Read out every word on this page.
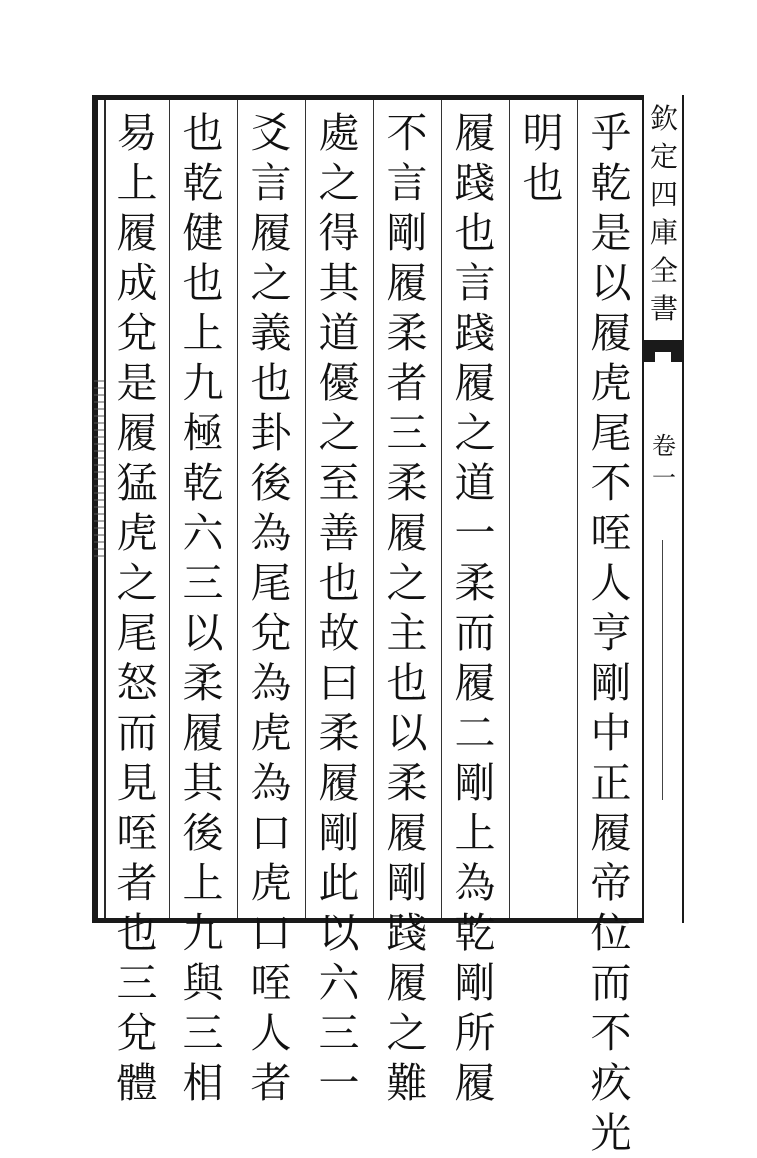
乎
乾
是
以
履
虎
尾
不
咥
人
亨
剛
中
正
履
帝
位
而
不
疚
光
明
也
履
踐
也
言
踐
履
之
道
一
柔
而
履
二
剛
上
為
乾
剛
所
履
不
言
剛
履
柔
者
三
柔
履
之
主
也
以
柔
履
剛
踐
履
之
難
處
之
得
其
道
優
之
至
善
也
故
曰
柔
履
剛
此
以
六
三
一
爻
言
履
之
義
也
卦
後
為
尾
兌
為
虎
為
口
虎
口
咥
人
者
也
乾
健
也
上
九
極
乾
六
三
以
柔
履
其
後
上
九
與
三
相
易
上
履
成
兌
是
履
猛
虎
之
尾
怒
而
見
咥
者
也
三
兌
體
欽
定
四
庫
全
書
卷
一
